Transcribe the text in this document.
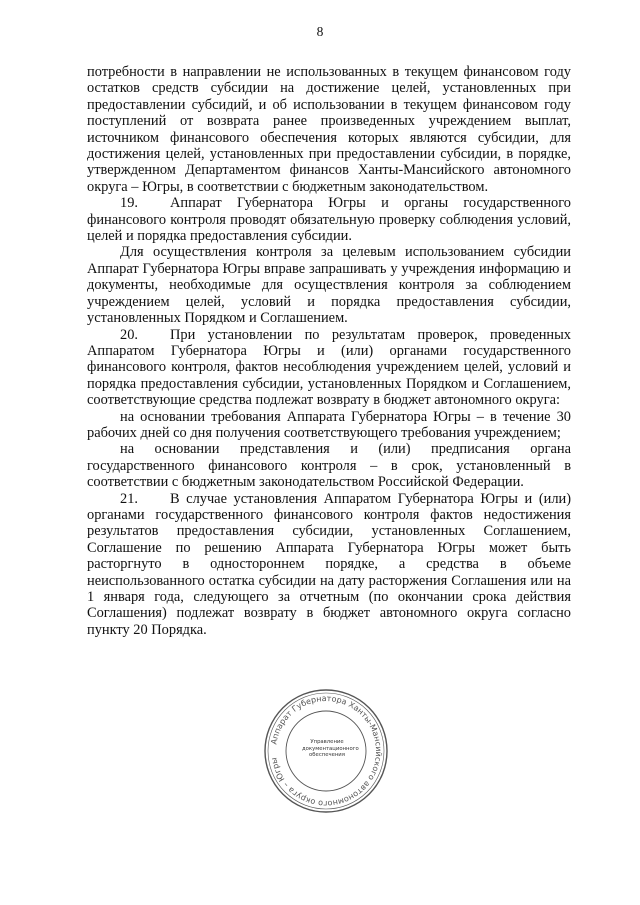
8

потребности в направлении не использованных в текущем финансовом году остатков средств субсидии на достижение целей, установленных при предоставлении субсидий, и об использовании в текущем финансовом году поступлений от возврата ранее произведенных учреждением выплат, источником финансового обеспечения которых являются субсидии, для достижения целей, установленных при предоставлении субсидии, в порядке, утвержденном Департаментом финансов Ханты-Мансийского автономного округа – Югры, в соответствии с бюджетным законодательством.

19. Аппарат Губернатора Югры и органы государственного финансового контроля проводят обязательную проверку соблюдения условий, целей и порядка предоставления субсидии.

Для осуществления контроля за целевым использованием субсидии Аппарат Губернатора Югры вправе запрашивать у учреждения информацию и документы, необходимые для осуществления контроля за соблюдением учреждением целей, условий и порядка предоставления субсидии, установленных Порядком и Соглашением.

20. При установлении по результатам проверок, проведенных Аппаратом Губернатора Югры и (или) органами государственного финансового контроля, фактов несоблюдения учреждением целей, условий и порядка предоставления субсидии, установленных Порядком и Соглашением, соответствующие средства подлежат возврату в бюджет автономного округа:

на основании требования Аппарата Губернатора Югры – в течение 30 рабочих дней со дня получения соответствующего требования учреждением;

на основании представления и (или) предписания органа государственного финансового контроля – в срок, установленный в соответствии с бюджетным законодательством Российской Федерации.

21. В случае установления Аппаратом Губернатора Югры и (или) органами государственного финансового контроля фактов недостижения результатов предоставления субсидии, установленных Соглашением, Соглашение по решению Аппарата Губернатора Югры может быть расторгнуто в одностороннем порядке, а средства в объеме неиспользованного остатка субсидии на дату расторжения Соглашения или на 1 января года, следующего за отчетным (по окончании срока действия Соглашения) подлежат возврату в бюджет автономного округа согласно пункту 20 Порядка.

Аппарат Губернатора Ханты-Мансийского автономного округа – Югры
Управление
документационного
обеспечения
